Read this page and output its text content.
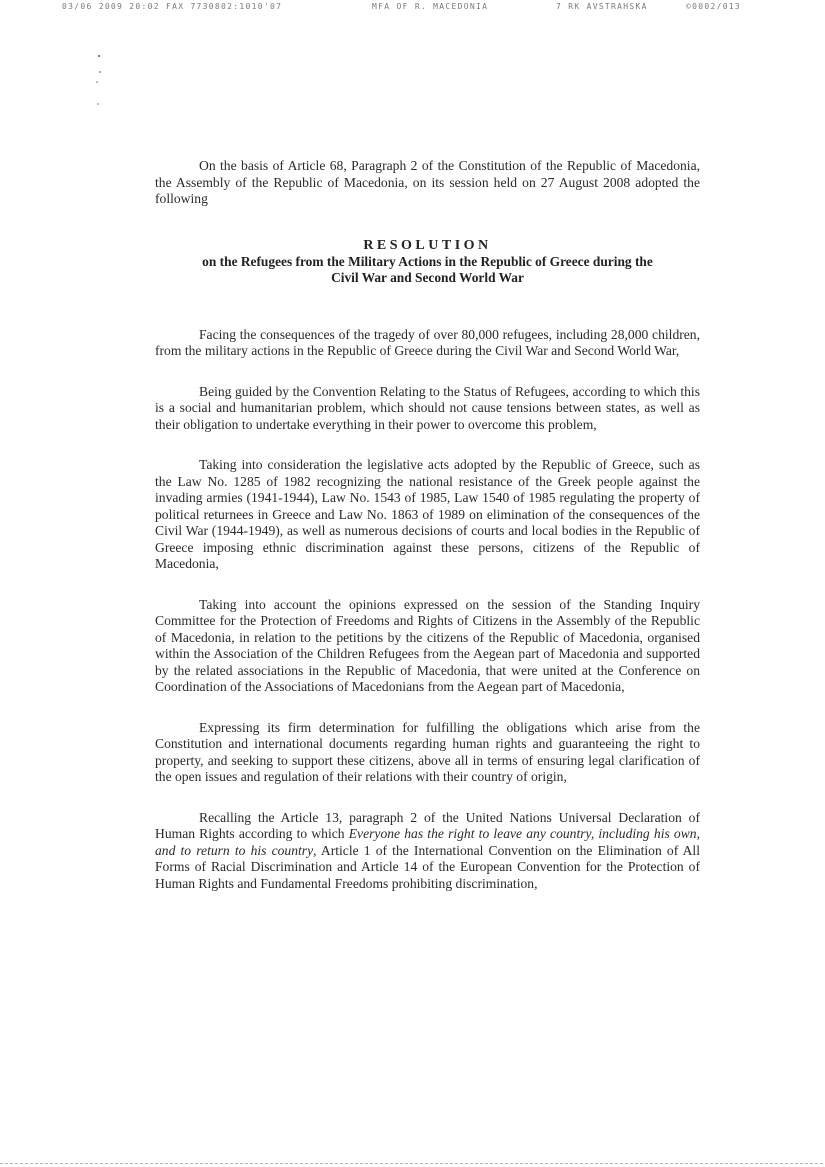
03/06 2009 20:02 FAX 7730802:1010'07	MFA OF R. MACEDONIA	7 RK AVSTRAHSKA	©0002/013

On the basis of Article 68, Paragraph 2 of the Constitution of the Republic of Macedonia, the Assembly of the Republic of Macedonia, on its session held on 27 August 2008 adopted the following

RESOLUTION
on the Refugees from the Military Actions in the Republic of Greece during the
Civil War and Second World War

Facing the consequences of the tragedy of over 80,000 refugees, including 28,000 children, from the military actions in the Republic of Greece during the Civil War and Second World War,

Being guided by the Convention Relating to the Status of Refugees, according to which this is a social and humanitarian problem, which should not cause tensions between states, as well as their obligation to undertake everything in their power to overcome this problem,

Taking into consideration the legislative acts adopted by the Republic of Greece, such as the Law No. 1285 of 1982 recognizing the national resistance of the Greek people against the invading armies (1941-1944), Law No. 1543 of 1985, Law 1540 of 1985 regulating the property of political returnees in Greece and Law No. 1863 of 1989 on elimination of the consequences of the Civil War (1944-1949), as well as numerous decisions of courts and local bodies in the Republic of Greece imposing ethnic discrimination against these persons, citizens of the Republic of Macedonia,

Taking into account the opinions expressed on the session of the Standing Inquiry Committee for the Protection of Freedoms and Rights of Citizens in the Assembly of the Republic of Macedonia, in relation to the petitions by the citizens of the Republic of Macedonia, organised within the Association of the Children Refugees from the Aegean part of Macedonia and supported by the related associations in the Republic of Macedonia, that were united at the Conference on Coordination of the Associations of Macedonians from the Aegean part of Macedonia,

Expressing its firm determination for fulfilling the obligations which arise from the Constitution and international documents regarding human rights and guaranteeing the right to property, and seeking to support these citizens, above all in terms of ensuring legal clarification of the open issues and regulation of their relations with their country of origin,

Recalling the Article 13, paragraph 2 of the United Nations Universal Declaration of Human Rights according to which Everyone has the right to leave any country, including his own, and to return to his country, Article 1 of the International Convention on the Elimination of All Forms of Racial Discrimination and Article 14 of the European Convention for the Protection of Human Rights and Fundamental Freedoms prohibiting discrimination,
